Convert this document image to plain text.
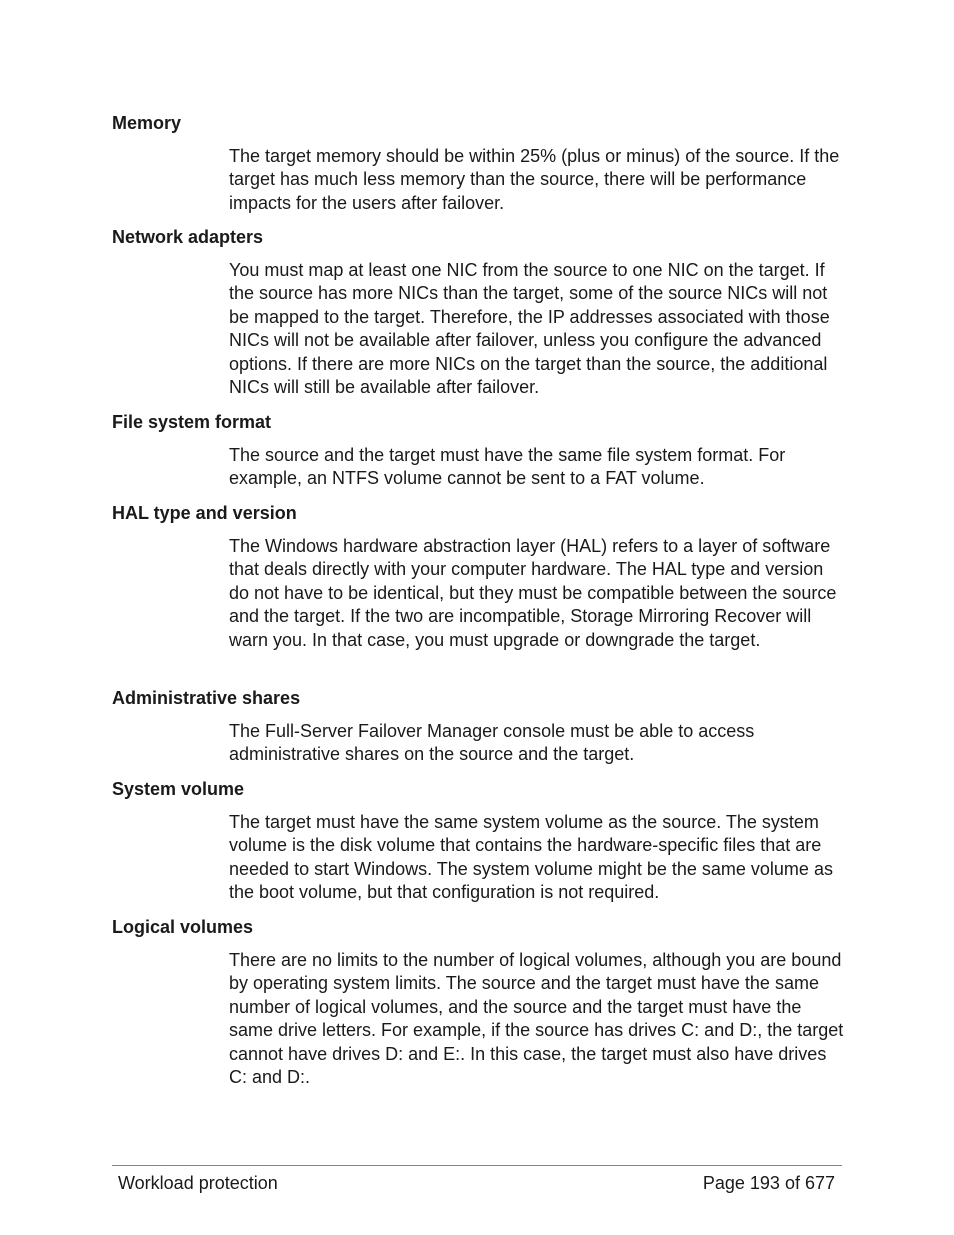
Memory

The target memory should be within 25% (plus or minus) of the source. If the target has much less memory than the source, there will be performance impacts for the users after failover.

Network adapters

You must map at least one NIC from the source to one NIC on the target. If the source has more NICs than the target, some of the source NICs will not be mapped to the target. Therefore, the IP addresses associated with those NICs will not be available after failover, unless you configure the advanced options. If there are more NICs on the target than the source, the additional NICs will still be available after failover.

File system format

The source and the target must have the same file system format. For example, an NTFS volume cannot be sent to a FAT volume.

HAL type and version

The Windows hardware abstraction layer (HAL) refers to a layer of software that deals directly with your computer hardware. The HAL type and version do not have to be identical, but they must be compatible between the source and the target. If the two are incompatible, Storage Mirroring Recover will warn you. In that case, you must upgrade or downgrade the target.

Administrative shares

The Full-Server Failover Manager console must be able to access administrative shares on the source and the target.

System volume

The target must have the same system volume as the source. The system volume is the disk volume that contains the hardware-specific files that are needed to start Windows. The system volume might be the same volume as the boot volume, but that configuration is not required.

Logical volumes

There are no limits to the number of logical volumes, although you are bound by operating system limits. The source and the target must have the same number of logical volumes, and the source and the target must have the same drive letters. For example, if the source has drives C: and D:, the target cannot have drives D: and E:. In this case, the target must also have drives C: and D:.

Workload protection	Page 193 of 677
